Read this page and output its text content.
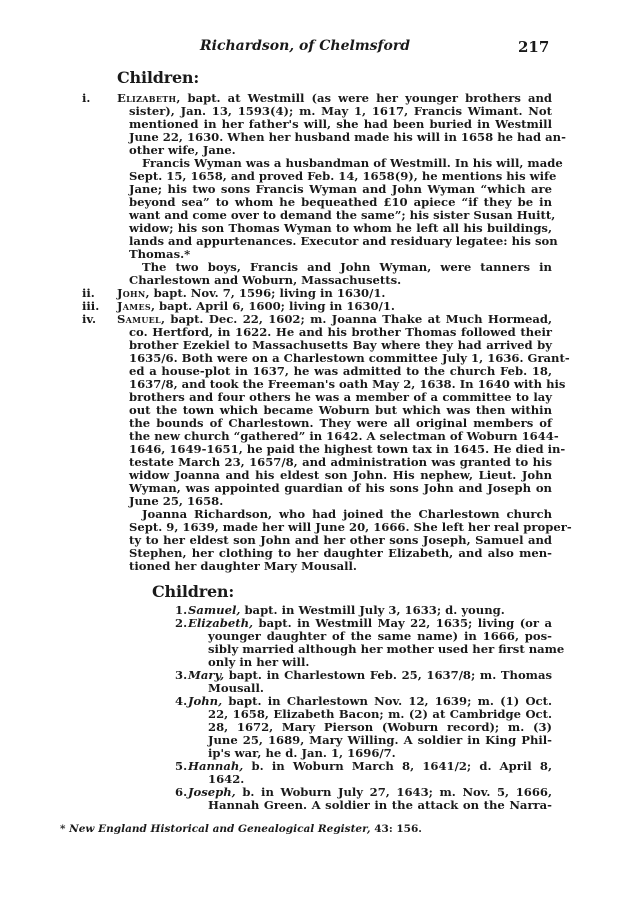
Richardson, of Chelmsford	217
Children:
i. Elizabeth, bapt. at Westmill (as were her younger brothers and
sister), Jan. 13, 1593(4); m. May 1, 1617, Francis Wimant. Not
mentioned in her father's will, she had been buried in Westmill
June 22, 1630. When her husband made his will in 1658 he had an-
other wife, Jane.
Francis Wyman was a husbandman of Westmill. In his will, made
Sept. 15, 1658, and proved Feb. 14, 1658(9), he mentions his wife
Jane; his two sons Francis Wyman and John Wyman “which are
beyond sea” to whom he bequeathed £10 apiece “if they be in
want and come over to demand the same”; his sister Susan Huitt,
widow; his son Thomas Wyman to whom he left all his buildings,
lands and appurtenances. Executor and residuary legatee: his son
Thomas.*
The two boys, Francis and John Wyman, were tanners in
Charlestown and Woburn, Massachusetts.
ii. John, bapt. Nov. 7, 1596; living in 1630/1.
iii. James, bapt. April 6, 1600; living in 1630/1.
iv. Samuel, bapt. Dec. 22, 1602; m. Joanna Thake at Much Hormead,
co. Hertford, in 1622. He and his brother Thomas followed their
brother Ezekiel to Massachusetts Bay where they had arrived by
1635/6. Both were on a Charlestown committee July 1, 1636. Grant-
ed a house-plot in 1637, he was admitted to the church Feb. 18,
1637/8, and took the Freeman's oath May 2, 1638. In 1640 with his
brothers and four others he was a member of a committee to lay
out the town which became Woburn but which was then within
the bounds of Charlestown. They were all original members of
the new church “gathered” in 1642. A selectman of Woburn 1644-
1646, 1649-1651, he paid the highest town tax in 1645. He died in-
testate March 23, 1657/8, and administration was granted to his
widow Joanna and his eldest son John. His nephew, Lieut. John
Wyman, was appointed guardian of his sons John and Joseph on
June 25, 1658.
Joanna Richardson, who had joined the Charlestown church
Sept. 9, 1639, made her will June 20, 1666. She left her real proper-
ty to her eldest son John and her other sons Joseph, Samuel and
Stephen, her clothing to her daughter Elizabeth, and also men-
tioned her daughter Mary Mousall.
Children:
1. Samuel, bapt. in Westmill July 3, 1633; d. young.
2. Elizabeth, bapt. in Westmill May 22, 1635; living (or a
younger daughter of the same name) in 1666, pos-
sibly married although her mother used her first name
only in her will.
3. Mary, bapt. in Charlestown Feb. 25, 1637/8; m. Thomas
Mousall.
4. John, bapt. in Charlestown Nov. 12, 1639; m. (1) Oct.
22, 1658, Elizabeth Bacon; m. (2) at Cambridge Oct.
28, 1672, Mary Pierson (Woburn record); m. (3)
June 25, 1689, Mary Willing. A soldier in King Phil-
ip's war, he d. Jan. 1, 1696/7.
5. Hannah, b. in Woburn March 8, 1641/2; d. April 8,
1642.
6. Joseph, b. in Woburn July 27, 1643; m. Nov. 5, 1666,
Hannah Green. A soldier in the attack on the Narra-
* New England Historical and Genealogical Register, 43: 156.
